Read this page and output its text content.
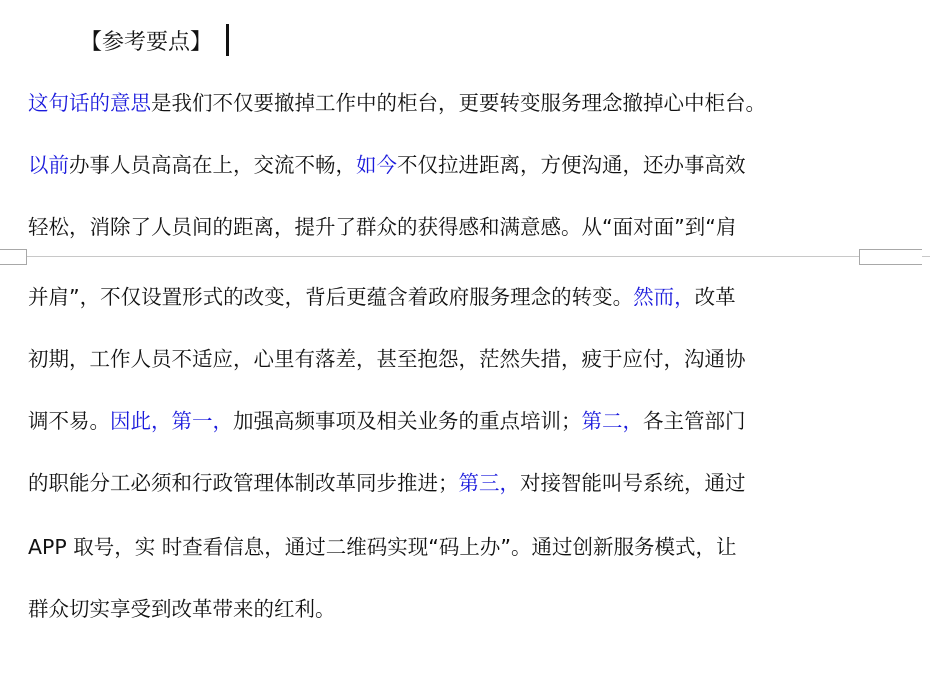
【参考要点】
这句话的意思是我们不仅要撤掉工作中的柜台，更要转变服务理念撤掉心中柜台。
以前办事人员高高在上，交流不畅，如今不仅拉进距离，方便沟通，还办事高效
轻松，消除了人员间的距离，提升了群众的获得感和满意感。从“面对面”到“肩
并肩”，不仅设置形式的改变，背后更蕴含着政府服务理念的转变。然而，改革
初期，工作人员不适应，心里有落差，甚至抱怨，茫然失措，疲于应付，沟通协
调不易。因此，第一，加强高频事项及相关业务的重点培训；第二，各主管部门
的职能分工必须和行政管理体制改革同步推进；第三，对接智能叫号系统，通过
APP 取号，实 时查看信息，通过二维码实现“码上办”。通过创新服务模式，让
群众切实享受到改革带来的红利。
